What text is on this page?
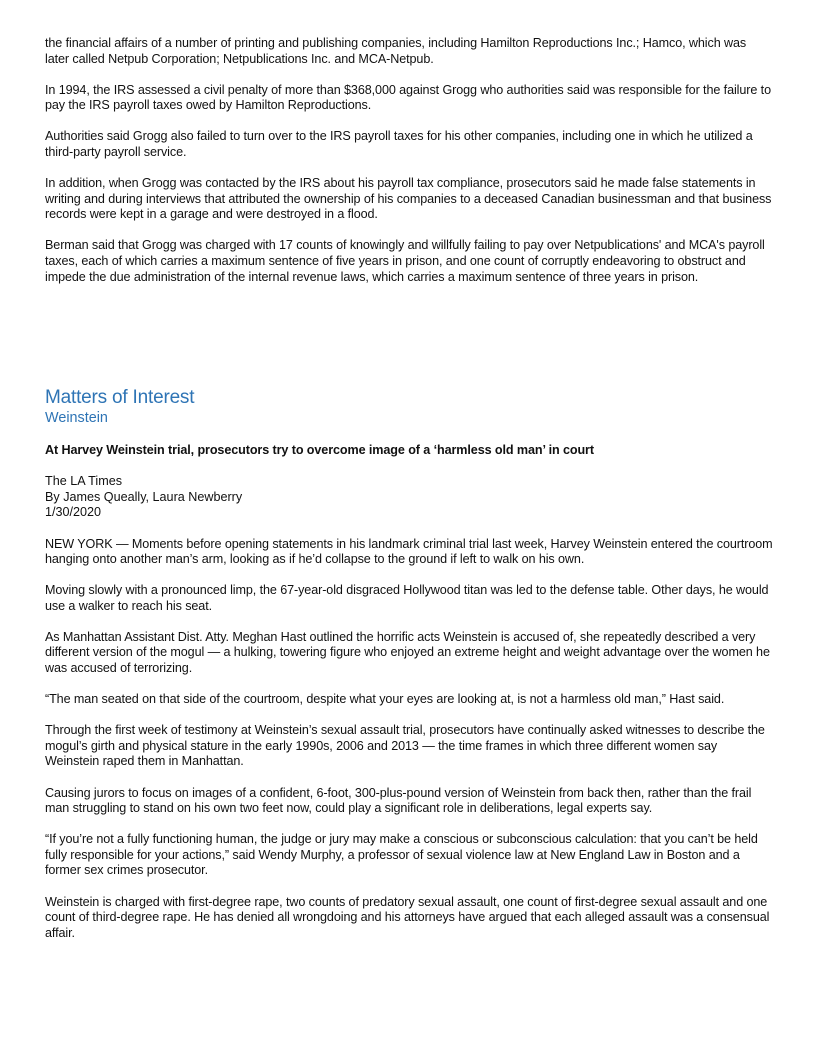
the financial affairs of a number of printing and publishing companies, including Hamilton Reproductions Inc.; Hamco, which was later called Netpub Corporation; Netpublications Inc. and MCA-Netpub.

In 1994, the IRS assessed a civil penalty of more than $368,000 against Grogg who authorities said was responsible for the failure to pay the IRS payroll taxes owed by Hamilton Reproductions.

Authorities said Grogg also failed to turn over to the IRS payroll taxes for his other companies, including one in which he utilized a third-party payroll service.

In addition, when Grogg was contacted by the IRS about his payroll tax compliance, prosecutors said he made false statements in writing and during interviews that attributed the ownership of his companies to a deceased Canadian businessman and that business records were kept in a garage and were destroyed in a flood.

Berman said that Grogg was charged with 17 counts of knowingly and willfully failing to pay over Netpublications' and MCA's payroll taxes, each of which carries a maximum sentence of five years in prison, and one count of corruptly endeavoring to obstruct and impede the due administration of the internal revenue laws, which carries a maximum sentence of three years in prison.

Matters of Interest
Weinstein

At Harvey Weinstein trial, prosecutors try to overcome image of a ‘harmless old man’ in court

The LA Times
By James Queally, Laura Newberry
1/30/2020

NEW YORK — Moments before opening statements in his landmark criminal trial last week, Harvey Weinstein entered the courtroom hanging onto another man’s arm, looking as if he’d collapse to the ground if left to walk on his own.

Moving slowly with a pronounced limp, the 67-year-old disgraced Hollywood titan was led to the defense table. Other days, he would use a walker to reach his seat.

As Manhattan Assistant Dist. Atty. Meghan Hast outlined the horrific acts Weinstein is accused of, she repeatedly described a very different version of the mogul — a hulking, towering figure who enjoyed an extreme height and weight advantage over the women he was accused of terrorizing.

“The man seated on that side of the courtroom, despite what your eyes are looking at, is not a harmless old man,” Hast said.

Through the first week of testimony at Weinstein’s sexual assault trial, prosecutors have continually asked witnesses to describe the mogul’s girth and physical stature in the early 1990s, 2006 and 2013 — the time frames in which three different women say Weinstein raped them in Manhattan.

Causing jurors to focus on images of a confident, 6-foot, 300-plus-pound version of Weinstein from back then, rather than the frail man struggling to stand on his own two feet now, could play a significant role in deliberations, legal experts say.

“If you’re not a fully functioning human, the judge or jury may make a conscious or subconscious calculation: that you can’t be held fully responsible for your actions,” said Wendy Murphy, a professor of sexual violence law at New England Law in Boston and a former sex crimes prosecutor.

Weinstein is charged with first-degree rape, two counts of predatory sexual assault, one count of first-degree sexual assault and one count of third-degree rape. He has denied all wrongdoing and his attorneys have argued that each alleged assault was a consensual affair.
